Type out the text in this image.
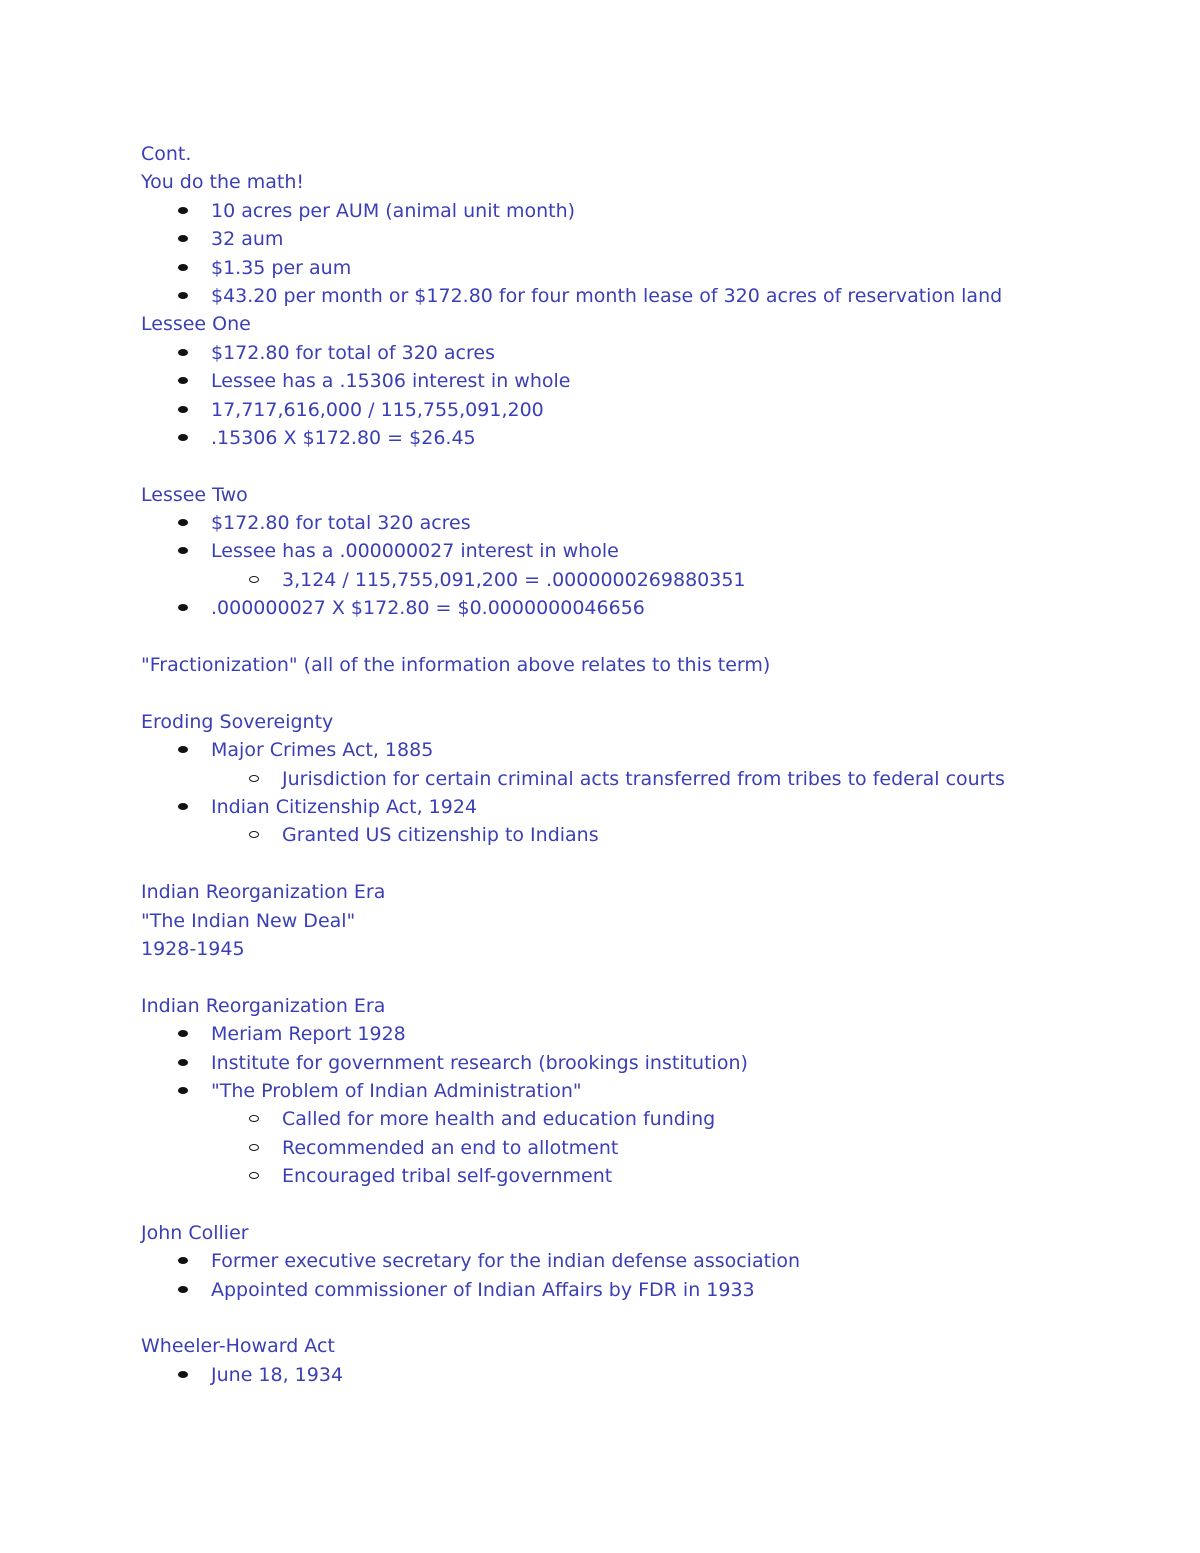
Cont.
You do the math!
10 acres per AUM (animal unit month)
32 aum
$1.35 per aum
$43.20 per month or $172.80 for four month lease of 320 acres of reservation land
Lessee One
$172.80 for total of 320 acres
Lessee has a .15306 interest in whole
17,717,616,000 / 115,755,091,200
.15306 X $172.80 = $26.45
Lessee Two
$172.80 for total 320 acres
Lessee has a .000000027 interest in whole
3,124 / 115,755,091,200 = .0000000269880351
.000000027 X $172.80 = $0.0000000046656
"Fractionization" (all of the information above relates to this term)
Eroding Sovereignty
Major Crimes Act, 1885
Jurisdiction for certain criminal acts transferred from tribes to federal courts
Indian Citizenship Act, 1924
Granted US citizenship to Indians
Indian Reorganization Era
"The Indian New Deal"
1928-1945
Indian Reorganization Era
Meriam Report 1928
Institute for government research (brookings institution)
"The Problem of Indian Administration"
Called for more health and education funding
Recommended an end to allotment
Encouraged tribal self-government
John Collier
Former executive secretary for the indian defense association
Appointed commissioner of Indian Affairs by FDR in 1933
Wheeler-Howard Act
June 18, 1934
